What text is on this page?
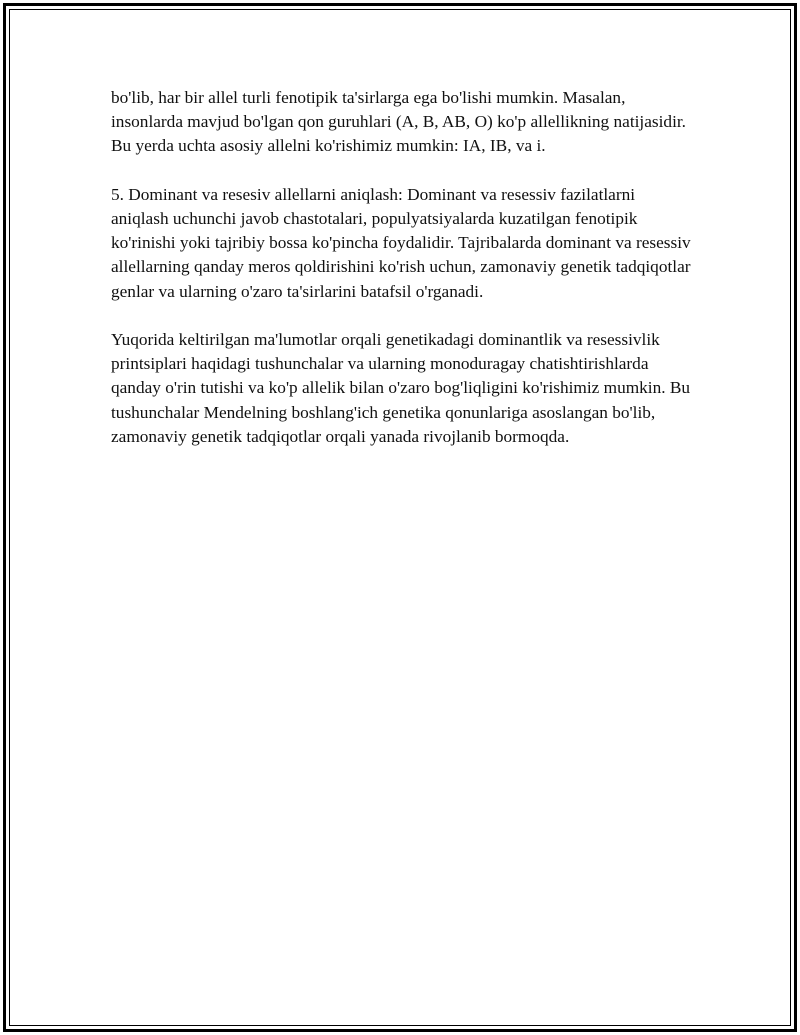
bo'lib, har bir allel turli fenotipik ta'sirlarga ega bo'lishi mumkin. Masalan, insonlarda mavjud bo'lgan qon guruhlari (A, B, AB, O) ko'p allellikning natijasidir. Bu yerda uchta asosiy allelni ko'rishimiz mumkin: IA, IB, va i.

5. Dominant va resesiv allellarni aniqlash: Dominant va resessiv fazilatlarni aniqlash uchunchi javob chastotalari, populyatsiyalarda kuzatilgan fenotipik ko'rinishi yoki tajribiy bossa ko'pincha foydalidir. Tajribalarda dominant va resessiv allellarning qanday meros qoldirishini ko'rish uchun, zamonaviy genetik tadqiqotlar genlar va ularning o'zaro ta'sirlarini batafsil o'rganadi.

Yuqorida keltirilgan ma'lumotlar orqali genetikadagi dominantlik va resessivlik printsiplari haqidagi tushunchalar va ularning monoduragay chatishtirishlarda qanday o'rin tutishi va ko'p allelik bilan o'zaro bog'liqligini ko'rishimiz mumkin. Bu tushunchalar Mendelning boshlang'ich genetika qonunlariga asoslangan bo'lib, zamonaviy genetik tadqiqotlar orqali yanada rivojlanib bormoqda.
